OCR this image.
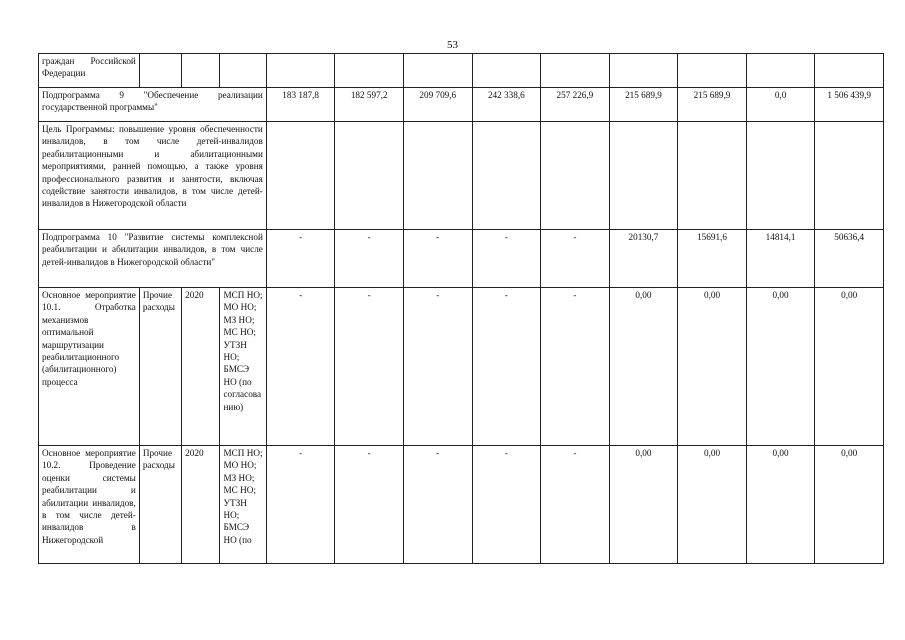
53
граждан Российской Федерации												
Подпрограмма 9 "Обеспечение реализации государственной программы"				183 187,8	182 597,2	209 709,6	242 338,6	257 226,9	215 689,9	215 689,9	0,0	1 506 439,9
Цель Программы: повышение уровня обеспеченности инвалидов, в том числе детей-инвалидов реабилитационными и абилитационными мероприятиями, ранней помощью, а также уровня профессионального развития и занятости, включая содействие занятости инвалидов, в том числе детей-инвалидов в Нижегородской области												
Подпрограмма 10 "Развитие системы комплексной реабилитации и абилитации инвалидов, в том числе детей-инвалидов в Нижегородской области"				-	-	-	-	-	20130,7	15691,6	14814,1	50636,4
Основное мероприятие 10.1. Отработка механизмов оптимальной маршрутизации реабилитационного (абилитационного) процесса	Прочие расходы	2020	МСП НО; МО НО; МЗ НО; МС НО; УТЗН НО; БМСЭ НО (по согласованию)	-	-	-	-	-	0,00	0,00	0,00	0,00
Основное мероприятие 10.2. Проведение оценки системы реабилитации и абилитации инвалидов, в том числе детей-инвалидов в Нижегородской	Прочие расходы	2020	МСП НО; МО НО; МЗ НО; МС НО; УТЗН НО; БМСЭ НО (по	-	-	-	-	-	0,00	0,00	0,00	0,00
